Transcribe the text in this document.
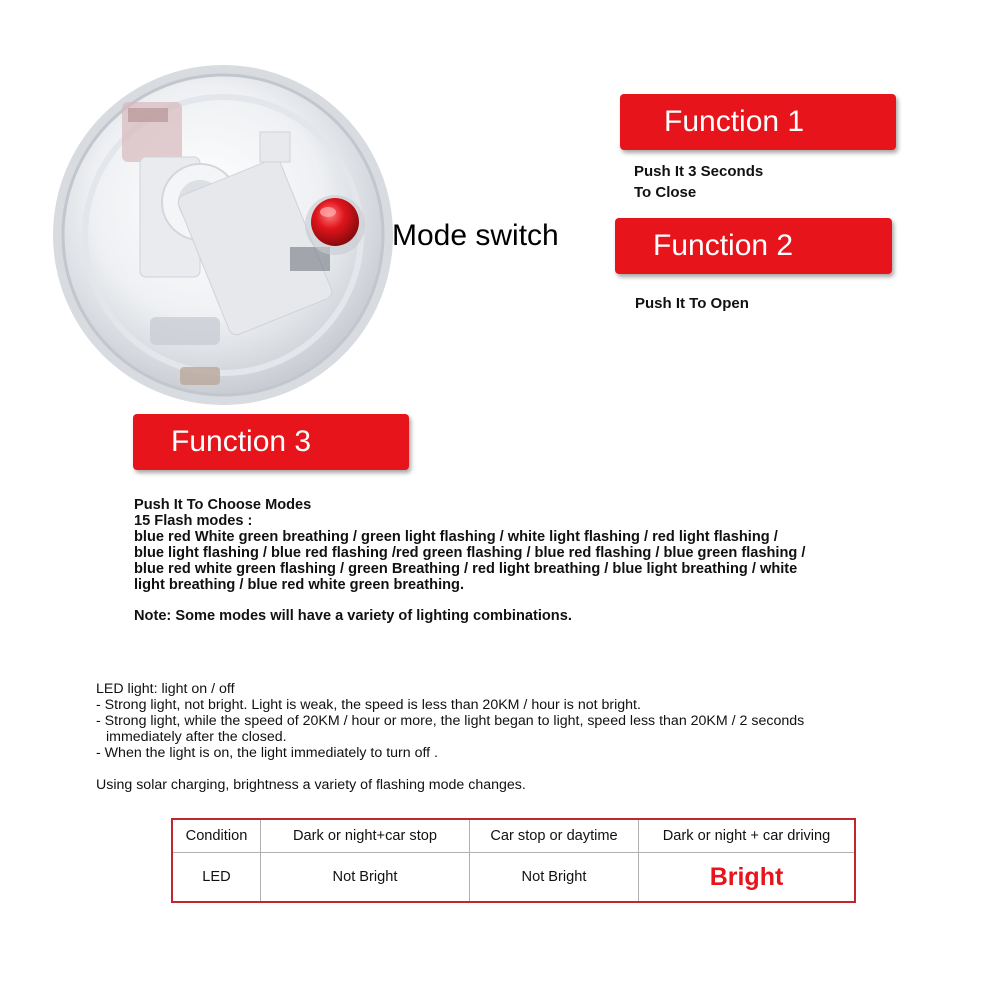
Mode switch
Function 1
Push It 3 Seconds
To Close
Function 2
Push It To Open
Function 3
Push It To Choose Modes
15 Flash modes :
blue red White green breathing / green light flashing / white light flashing / red light flashing /
blue light flashing / blue red flashing /red green flashing / blue red flashing / blue green flashing /
blue red white green flashing / green Breathing / red light breathing / blue light breathing / white
light breathing / blue red white green breathing.
Note: Some modes will have a variety of lighting combinations.
LED light: light on / off
- Strong light, not bright. Light is weak, the speed is less than 20KM / hour is not bright.
- Strong light, while the speed of 20KM / hour or more, the light began to light, speed less than 20KM / 2 seconds
immediately after the closed.
- When the light is on, the light immediately to turn off .
Using solar charging, brightness a variety of flashing mode changes.
Condition	Dark or night+car stop	Car stop or daytime	Dark or night + car driving
LED	Not Bright	Not Bright	Bright
